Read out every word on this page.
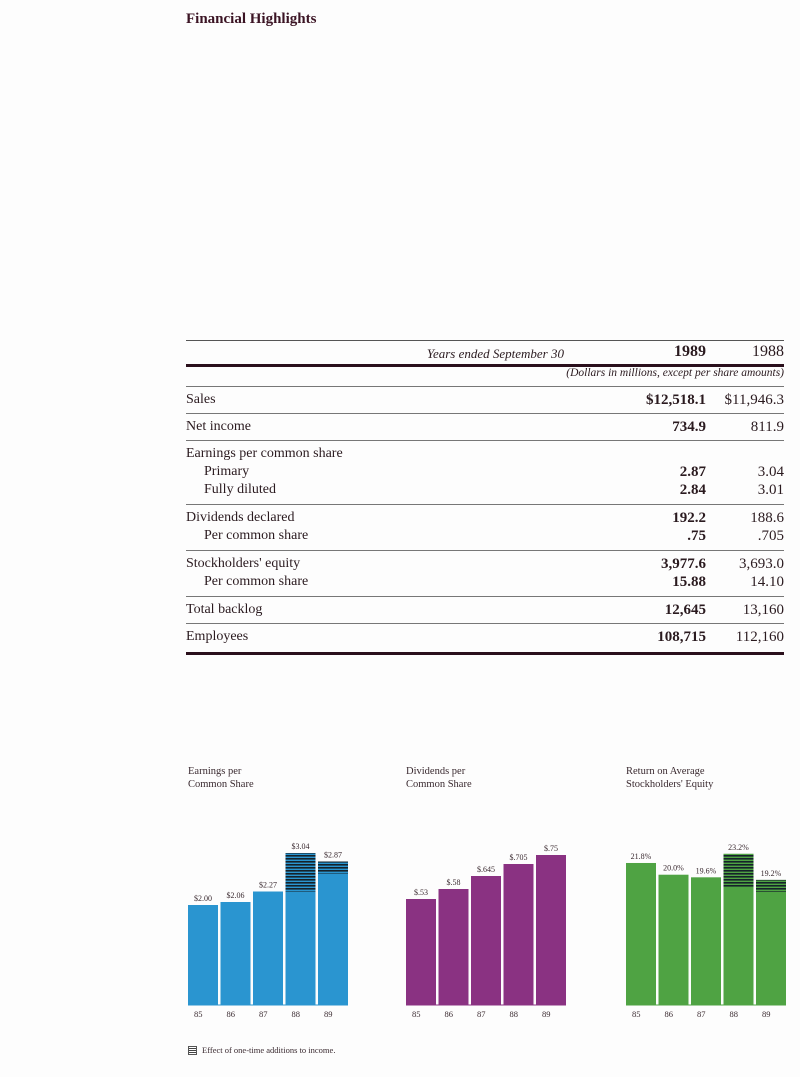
Financial Highlights
Years ended September 30	1989	1988
(Dollars in millions, except per share amounts)
Sales	$12,518.1 $11,946.3
Net income	734.9	811.9
Earnings per common share
Primary	2.87	3.04
Fully diluted	2.84	3.01
Dividends declared	192.2	188.6
Per common share	.75	.705
Stockholders' equity	3,977.6 3,693.0
Per common share	15.88	14.10
Total backlog	12,645 13,160
Employees	108,715 112,160
Earnings per
Common Share
$2.00
85
$2.06
86
$2.27
87
$3.04
88
$2.87
89
Dividends per
Common Share
$.53
85
$.58
86
$.645
87
$.705
88
$.75
89
Return on Average
Stockholders' Equity
21.8%
85
20.0%
86
19.6%
87
23.2%
88
19.2%
89
Effect of one-time additions to income.
